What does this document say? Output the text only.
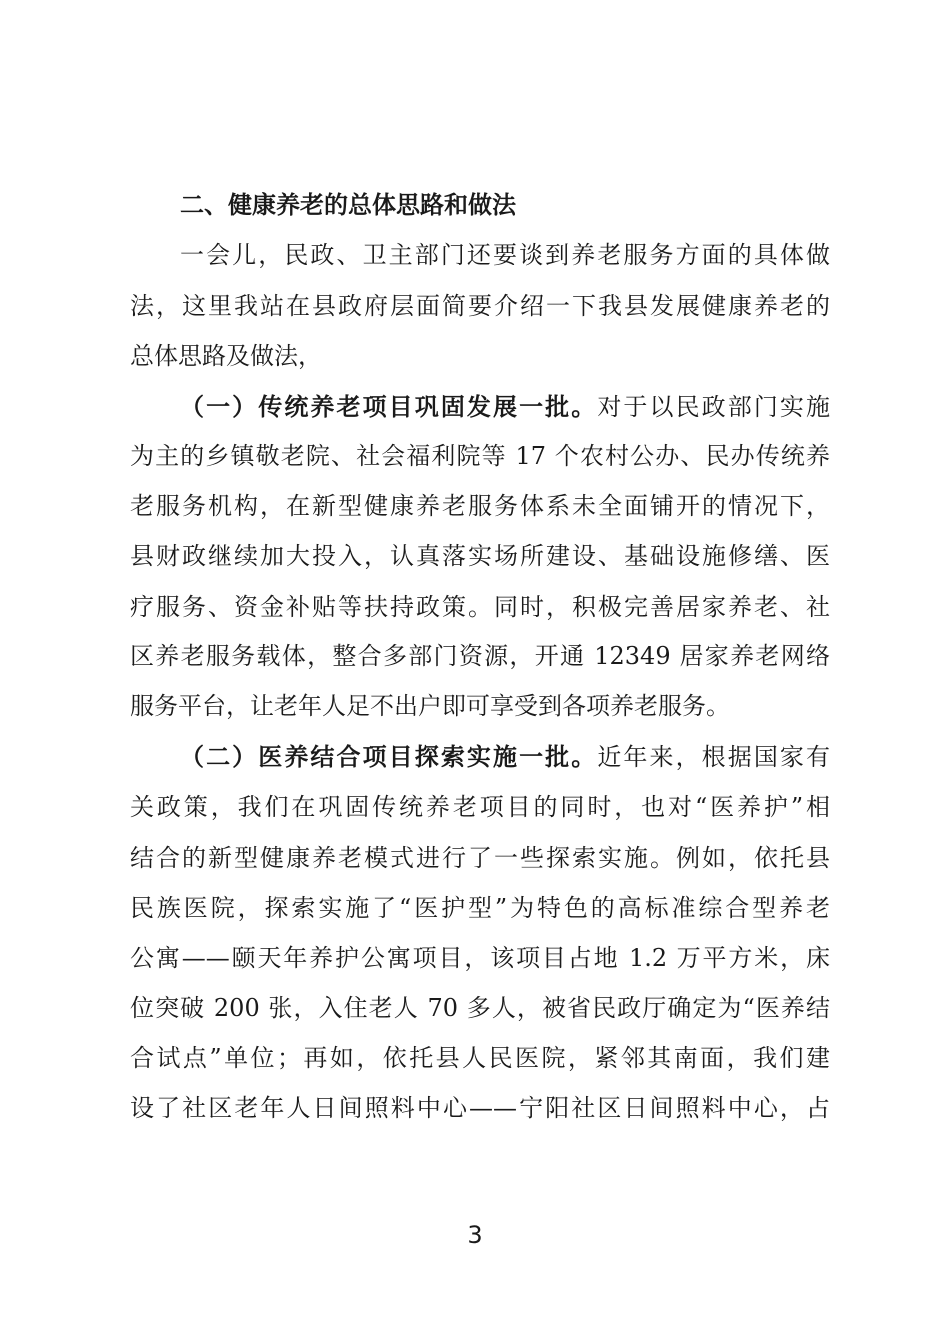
二、健康养老的总体思路和做法
一会儿，民政、卫主部门还要谈到养老服务方面的具体做
法，这里我站在县政府层面简要介绍一下我县发展健康养老的
总体思路及做法，
（一）传统养老项目巩固发展一批。对于以民政部门实施
为主的乡镇敬老院、社会福利院等 17 个农村公办、民办传统养
老服务机构，在新型健康养老服务体系未全面铺开的情况下，
县财政继续加大投入，认真落实场所建设、基础设施修缮、医
疗服务、资金补贴等扶持政策。同时，积极完善居家养老、社
区养老服务载体，整合多部门资源，开通 12349 居家养老网络
服务平台，让老年人足不出户即可享受到各项养老服务。
（二）医养结合项目探索实施一批。近年来，根据国家有
关政策，我们在巩固传统养老项目的同时，也对“医养护”相
结合的新型健康养老模式进行了一些探索实施。例如，依托县
民族医院，探索实施了“医护型”为特色的高标准综合型养老
公寓——颐天年养护公寓项目，该项目占地 1.2 万平方米，床
位突破 200 张，入住老人 70 多人，被省民政厅确定为“医养结
合试点”单位；再如，依托县人民医院，紧邻其南面，我们建
设了社区老年人日间照料中心——宁阳社区日间照料中心，占
3
